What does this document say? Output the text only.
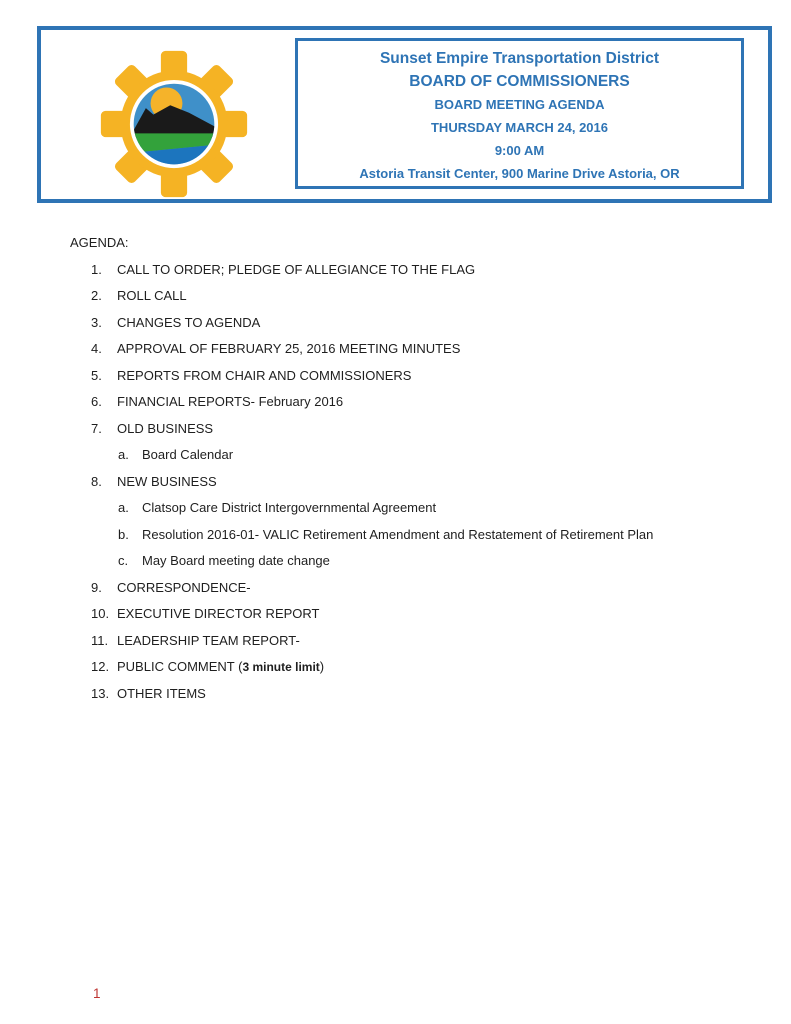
Sunset Empire Transportation District
BOARD OF COMMISSIONERS
BOARD MEETING AGENDA
THURSDAY MARCH 24, 2016
9:00 AM
Astoria Transit Center, 900 Marine Drive Astoria, OR
AGENDA:
1.	CALL TO ORDER; PLEDGE OF ALLEGIANCE TO THE FLAG
2.	ROLL CALL
3.	CHANGES TO AGENDA
4.	APPROVAL OF FEBRUARY 25, 2016 MEETING MINUTES
5.	REPORTS FROM CHAIR AND COMMISSIONERS
6.	FINANCIAL REPORTS- February 2016
7.	OLD BUSINESS
a.	Board Calendar
8.	NEW BUSINESS
a.	Clatsop Care District Intergovernmental Agreement
b.	Resolution 2016-01- VALIC Retirement Amendment and Restatement of Retirement Plan
c.	May Board meeting date change
9.	CORRESPONDENCE-
10. EXECUTIVE DIRECTOR REPORT
11. LEADERSHIP TEAM REPORT-
12. PUBLIC COMMENT (3 minute limit)
13. OTHER ITEMS
1
